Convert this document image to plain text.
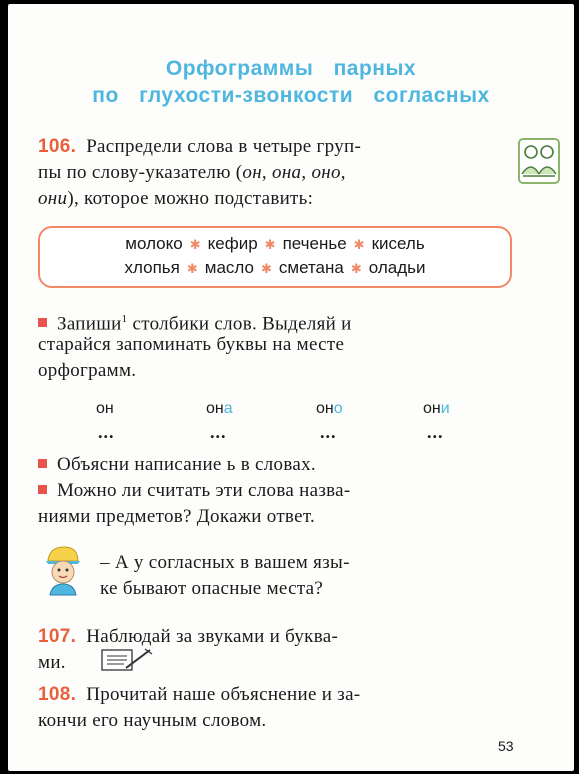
Орфограммы парных
по глухости-звонкости согласных
106. Распредели слова в четыре груп-
пы по слову-указателю (он, она, оно,
они), которое можно подставить:
молоко ✱ кефир ✱ печенье ✱ кисель
хлопья ✱ масло ✱ сметана ✱ оладьи
Запиши$^1$ столбики слов. Выделяй и
старайся запоминать буквы на месте
орфограмм.
он	она	оно	они
...	...	...	...
Объясни написание ь в словах.
Можно ли считать эти слова назва-
ниями предметов? Докажи ответ.
– А у согласных в вашем язы-
ке бывают опасные места?
107. Наблюдай за звуками и буква-
ми.
108. Прочитай наше объяснение и за-
кончи его научным словом.
53
